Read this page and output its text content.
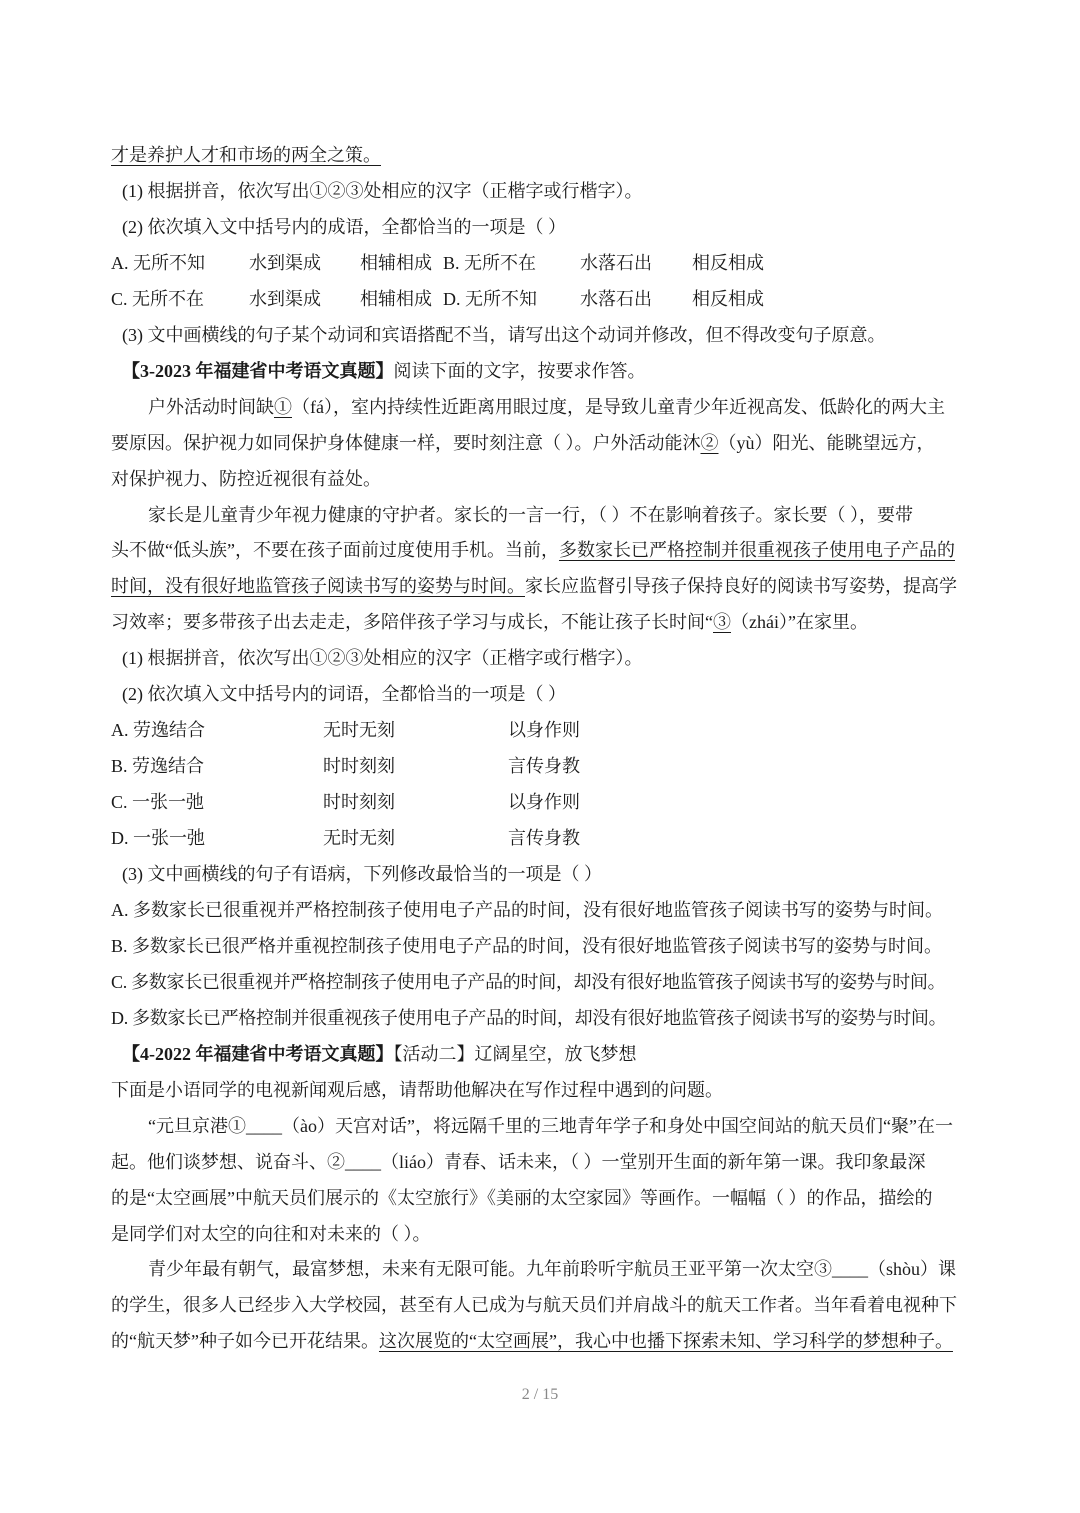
2 / 15
才是养护人才和市场的两全之策。
(1) 根据拼音，依次写出①②③处相应的汉字（正楷字或行楷字）。
(2) 依次填入文中括号内的成语，全都恰当的一项是（ ）
A. 无所不知 水到渠成 相辅相成 B. 无所不在 水落石出 相反相成
C. 无所不在 水到渠成 相辅相成 D. 无所不知 水落石出 相反相成
(3) 文中画横线的句子某个动词和宾语搭配不当，请写出这个动词并修改，但不得改变句子原意。
【3-2023 年福建省中考语文真题】阅读下面的文字，按要求作答。
户外活动时间缺①（fá），室内持续性近距离用眼过度，是导致儿童青少年近视高发、低龄化的两大主
要原因。保护视力如同保护身体健康一样，要时刻注意（ ）。户外活动能沐②（yù）阳光、能眺望远方，
对保护视力、防控近视很有益处。
家长是儿童青少年视力健康的守护者。家长的一言一行，（ ）不在影响着孩子。家长要（ ），要带
头不做“低头族”，不要在孩子面前过度使用手机。当前，多数家长已严格控制并很重视孩子使用电子产品的
时间，没有很好地监管孩子阅读书写的姿势与时间。家长应监督引导孩子保持良好的阅读书写姿势，提高学
习效率；要多带孩子出去走走，多陪伴孩子学习与成长，不能让孩子长时间“③（zhái）”在家里。
(1) 根据拼音，依次写出①②③处相应的汉字（正楷字或行楷字）。
(2) 依次填入文中括号内的词语，全都恰当的一项是（ ）
A. 劳逸结合	无时无刻	以身作则
B. 劳逸结合	时时刻刻	言传身教
C. 一张一弛	时时刻刻	以身作则
D. 一张一弛	无时无刻	言传身教
(3) 文中画横线的句子有语病，下列修改最恰当的一项是（ ）
A. 多数家长已很重视并严格控制孩子使用电子产品的时间，没有很好地监管孩子阅读书写的姿势与时间。
B. 多数家长已很严格并重视控制孩子使用电子产品的时间，没有很好地监管孩子阅读书写的姿势与时间。
C. 多数家长已很重视并严格控制孩子使用电子产品的时间，却没有很好地监管孩子阅读书写的姿势与时间。
D. 多数家长已严格控制并很重视孩子使用电子产品的时间，却没有很好地监管孩子阅读书写的姿势与时间。
【4-2022 年福建省中考语文真题】【活动二】辽阔星空，放飞梦想
下面是小语同学的电视新闻观后感，请帮助他解决在写作过程中遇到的问题。
“元旦京港①____（ào）天宫对话”，将远隔千里的三地青年学子和身处中国空间站的航天员们“聚”在一
起。他们谈梦想、说奋斗、②____（liáo）青春、话未来，（ ）一堂别开生面的新年第一课。我印象最深
的是“太空画展”中航天员们展示的《太空旅行》《美丽的太空家园》等画作。一幅幅（ ）的作品，描绘的
是同学们对太空的向往和对未来的（ ）。
青少年最有朝气，最富梦想，未来有无限可能。九年前聆听宇航员王亚平第一次太空③____（shòu）课
的学生，很多人已经步入大学校园，甚至有人已成为与航天员们并肩战斗的航天工作者。当年看着电视种下
的“航天梦”种子如今已开花结果。这次展览的“太空画展”，我心中也播下探索未知、学习科学的梦想种子。
